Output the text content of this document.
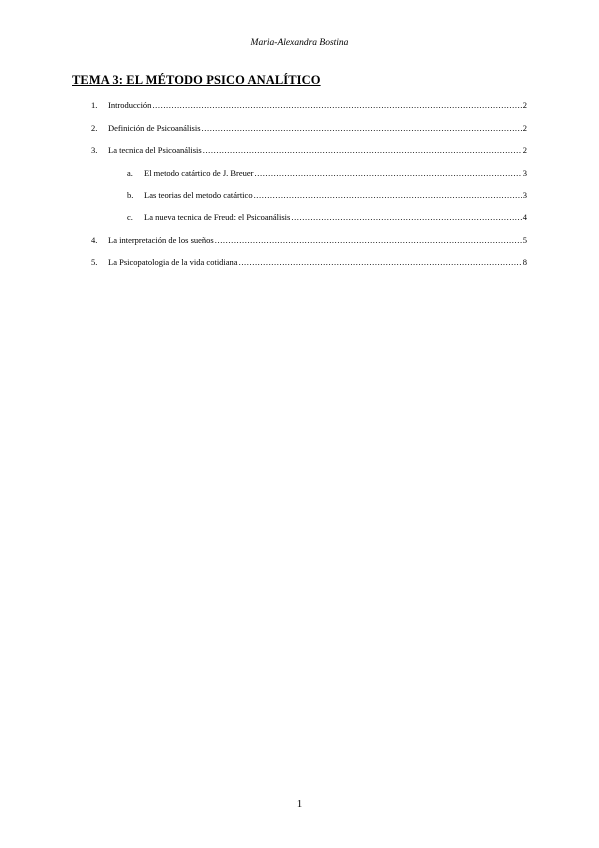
Maria-Alexandra Bostina
TEMA 3: EL MÉTODO PSICO ANALÍTICO
1.	Introducción .....	2
2.	Definición de Psicoanálisis .....	2
3.	La tecnica del Psicoanálisis .....	2
a.	El metodo catártico de J. Breuer .....	3
b.	Las teorias del metodo catártico .....	3
c.	La nueva tecnica de Freud: el Psicoanálisis .....	4
4.	La interpretación de los sueños .....	5
5.	La Psicopatologia de la vida cotidiana .....	8
1
